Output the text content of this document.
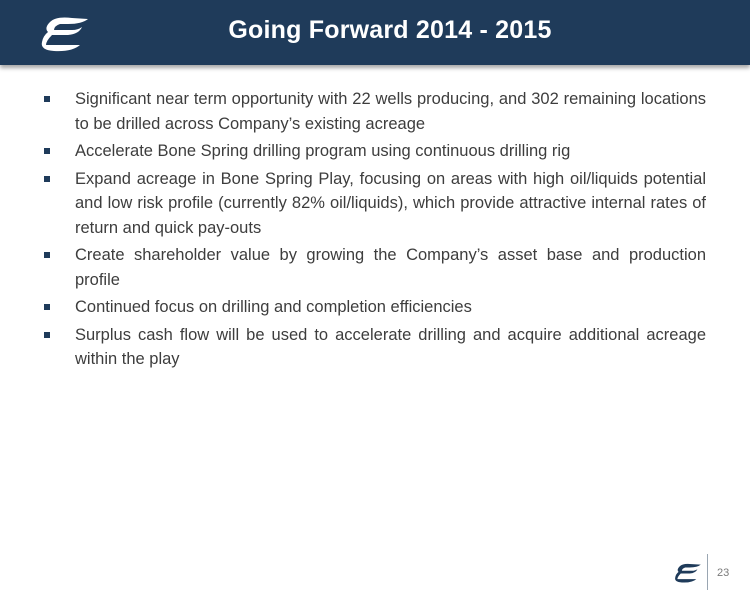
Going Forward 2014 - 2015
Significant near term opportunity with 22 wells producing, and 302 remaining locations to be drilled across Company’s existing acreage
Accelerate Bone Spring drilling program using continuous drilling rig
Expand acreage in Bone Spring Play, focusing on areas with high oil/liquids potential and low risk profile (currently 82% oil/liquids), which provide attractive internal rates of return and quick pay-outs
Create shareholder value by growing the Company’s asset base and production profile
Continued focus on drilling and completion efficiencies
Surplus cash flow will be used to accelerate drilling and acquire additional acreage within the play
23
